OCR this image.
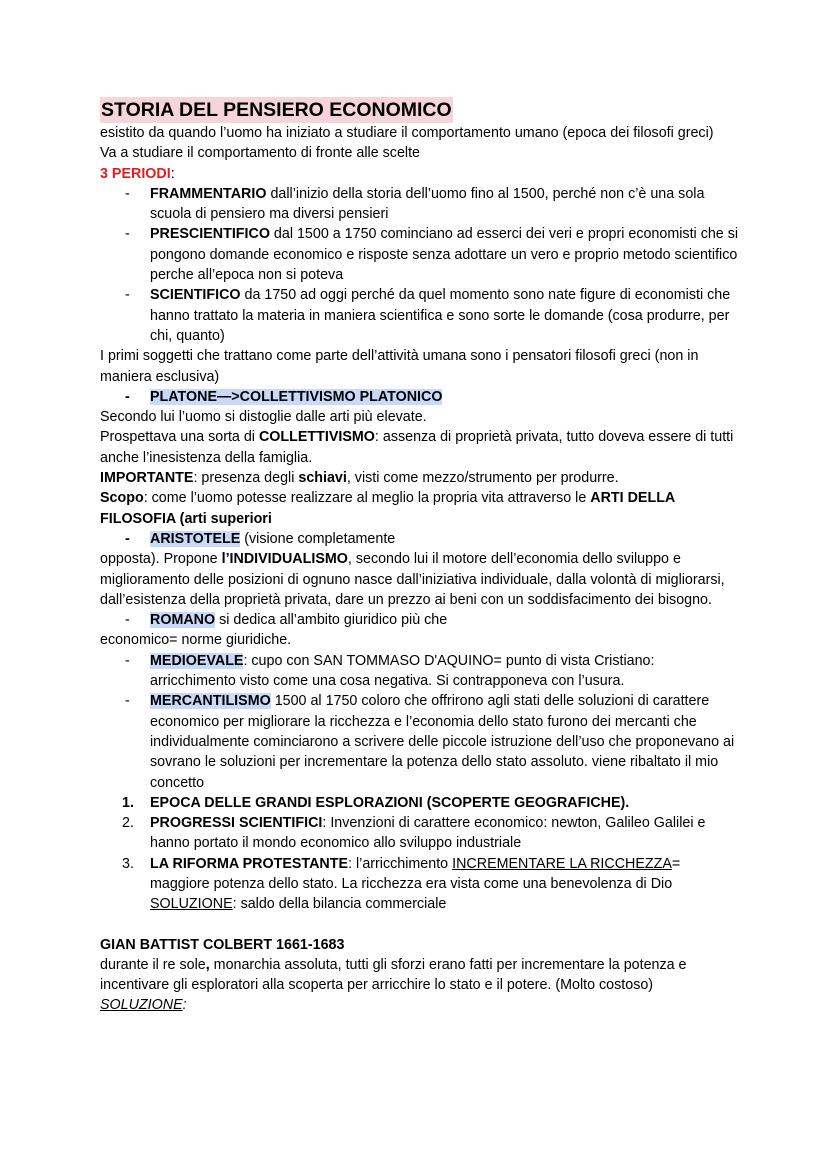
STORIA DEL PENSIERO ECONOMICO

esistito da quando l’uomo ha iniziato a studiare il comportamento umano (epoca dei filosofi greci)

Va a studiare il comportamento di fronte alle scelte

3 PERIODI:

- FRAMMENTARIO dall’inizio della storia dell’uomo fino al 1500, perché non c’è una sola scuola di pensiero ma diversi pensieri
- PRESCIENTIFICO dal 1500 a 1750 cominciano ad esserci dei veri e propri economisti che si pongono domande economico e risposte senza adottare un vero e proprio metodo scientifico perche all’epoca non si poteva
- SCIENTIFICO da 1750 ad oggi perché da quel momento sono nate figure di economisti che hanno trattato la materia in maniera scientifica e sono sorte le domande (cosa produrre, per chi, quanto)

I primi soggetti che trattano come parte dell’attività umana sono i pensatori filosofi greci (non in maniera esclusiva)

- PLATONE—>COLLETTIVISMO PLATONICO

Secondo lui l’uomo si distoglie dalle arti più elevate.

Prospettava una sorta di COLLETTIVISMO: assenza di proprietà privata, tutto doveva essere di tutti anche l’inesistenza della famiglia.

IMPORTANTE: presenza degli schiavi, visti come mezzo/strumento per produrre.

Scopo: come l’uomo potesse realizzare al meglio la propria vita attraverso le ARTI DELLA FILOSOFIA (arti superiori

- ARISTOTELE (visione completamente

opposta). Propone l’INDIVIDUALISMO, secondo lui il motore dell’economia dello sviluppo e miglioramento delle posizioni di ognuno nasce dall’iniziativa individuale, dalla volontà di migliorarsi, dall’esistenza della proprietà privata, dare un prezzo ai beni con un soddisfacimento dei bisogno.

- ROMANO si dedica all’ambito giuridico più che

economico= norme giuridiche.

- MEDIOEVALE: cupo con SAN TOMMASO D'AQUINO= punto di vista Cristiano: arricchimento visto come una cosa negativa. Si contrapponeva con l’usura.
- MERCANTILISMO 1500 al 1750 coloro che offrirono agli stati delle soluzioni di carattere economico per migliorare la ricchezza e l’economia dello stato furono dei mercanti che individualmente cominciarono a scrivere delle piccole istruzione dell’uso che proponevano ai sovrano le soluzioni per incrementare la potenza dello stato assoluto. viene ribaltato il mio concetto
1. EPOCA DELLE GRANDI ESPLORAZIONI (SCOPERTE GEOGRAFICHE).
2. PROGRESSI SCIENTIFICI: Invenzioni di carattere economico: newton, Galileo Galilei e hanno portato il mondo economico allo sviluppo industriale
3. LA RIFORMA PROTESTANTE: l’arricchimento INCREMENTARE LA RICCHEZZA= maggiore potenza dello stato. La ricchezza era vista come una benevolenza di Dio
SOLUZIONE: saldo della bilancia commerciale

GIAN BATTIST COLBERT 1661-1683

durante il re sole, monarchia assoluta, tutti gli sforzi erano fatti per incrementare la potenza e incentivare gli esploratori alla scoperta per arricchire lo stato e il potere. (Molto costoso)

SOLUZIONE:
